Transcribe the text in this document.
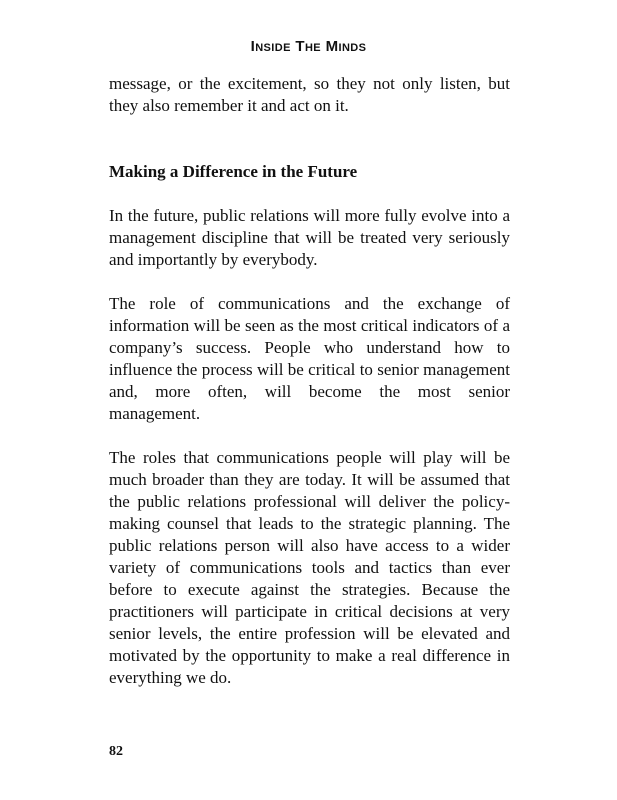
Inside The Minds

message, or the excitement, so they not only listen, but they also remember it and act on it.

Making a Difference in the Future

In the future, public relations will more fully evolve into a management discipline that will be treated very seriously and importantly by everybody.

The role of communications and the exchange of information will be seen as the most critical indicators of a company’s success. People who understand how to influence the process will be critical to senior management and, more often, will become the most senior management.

The roles that communications people will play will be much broader than they are today. It will be assumed that the public relations professional will deliver the policy-making counsel that leads to the strategic planning. The public relations person will also have access to a wider variety of communications tools and tactics than ever before to execute against the strategies. Because the practitioners will participate in critical decisions at very senior levels, the entire profession will be elevated and motivated by the opportunity to make a real difference in everything we do.

82
